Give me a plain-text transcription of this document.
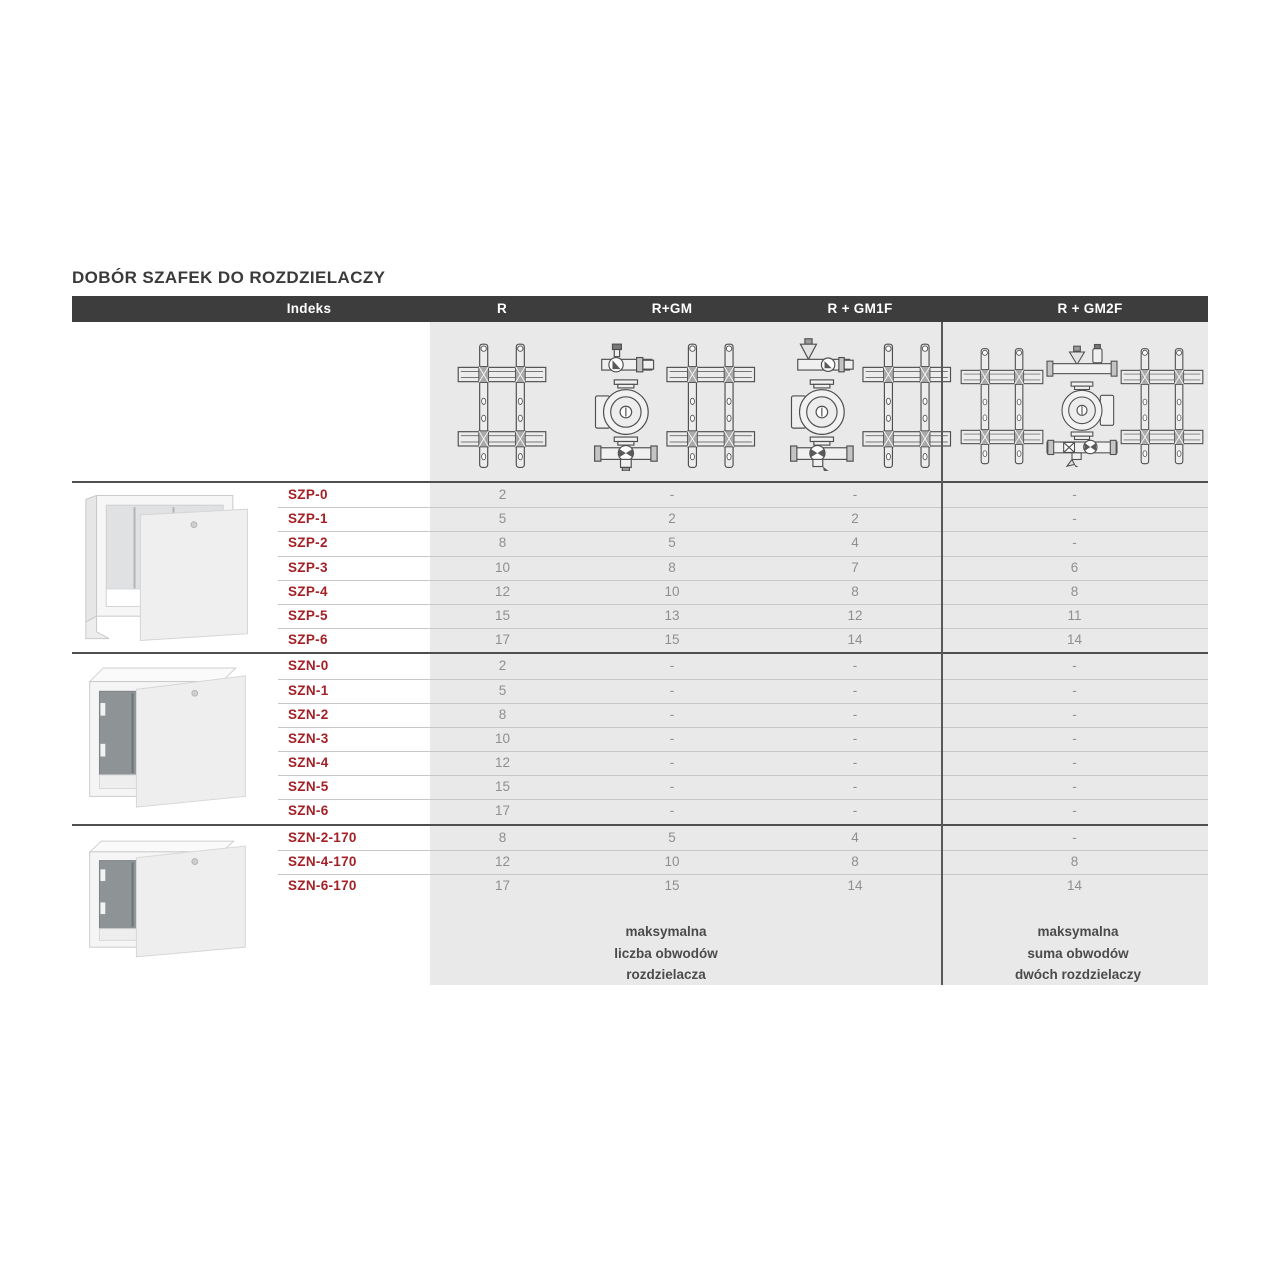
DOBÓR SZAFEK DO ROZDZIELACZY
Indeks	R	R+GM	R + GM1F	R + GM2F
SZP-0	2	-	-	-
SZP-1	5	2	2	-
SZP-2	8	5	4	-
SZP-3	10	8	7	6
SZP-4	12	10	8	8
SZP-5	15	13	12	11
SZP-6	17	15	14	14
SZN-0	2	-	-	-
SZN-1	5	-	-	-
SZN-2	8	-	-	-
SZN-3	10	-	-	-
SZN-4	12	-	-	-
SZN-5	15	-	-	-
SZN-6	17	-	-	-
SZN-2-170	8	5	4	-
SZN-4-170	12	10	8	8
SZN-6-170	17	15	14	14
maksymalna
liczba obwodów
rozdzielacza
maksymalna
suma obwodów
dwóch rozdzielaczy
